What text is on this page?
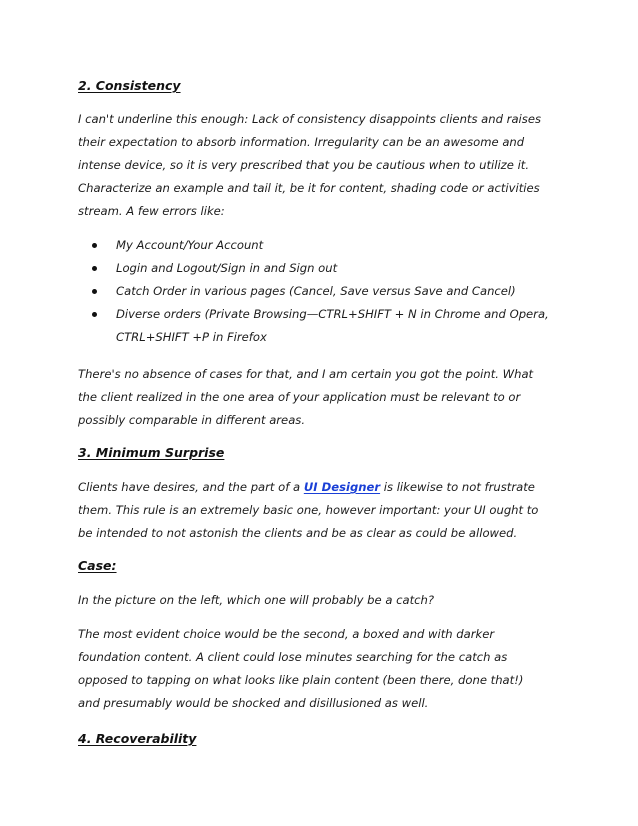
2. Consistency
I can't underline this enough: Lack of consistency disappoints clients and raises
their expectation to absorb information. Irregularity can be an awesome and
intense device, so it is very prescribed that you be cautious when to utilize it.
Characterize an example and tail it, be it for content, shading code or activities
stream. A few errors like:
My Account/Your Account
Login and Logout/Sign in and Sign out
Catch Order in various pages (Cancel, Save versus Save and Cancel)
Diverse orders (Private Browsing—CTRL+SHIFT + N in Chrome and Opera,
CTRL+SHIFT +P in Firefox
There's no absence of cases for that, and I am certain you got the point. What
the client realized in the one area of your application must be relevant to or
possibly comparable in different areas.
3. Minimum Surprise
Clients have desires, and the part of a UI Designer is likewise to not frustrate
them. This rule is an extremely basic one, however important: your UI ought to
be intended to not astonish the clients and be as clear as could be allowed.
Case:
In the picture on the left, which one will probably be a catch?
The most evident choice would be the second, a boxed and with darker
foundation content. A client could lose minutes searching for the catch as
opposed to tapping on what looks like plain content (been there, done that!)
and presumably would be shocked and disillusioned as well.
4. Recoverability
